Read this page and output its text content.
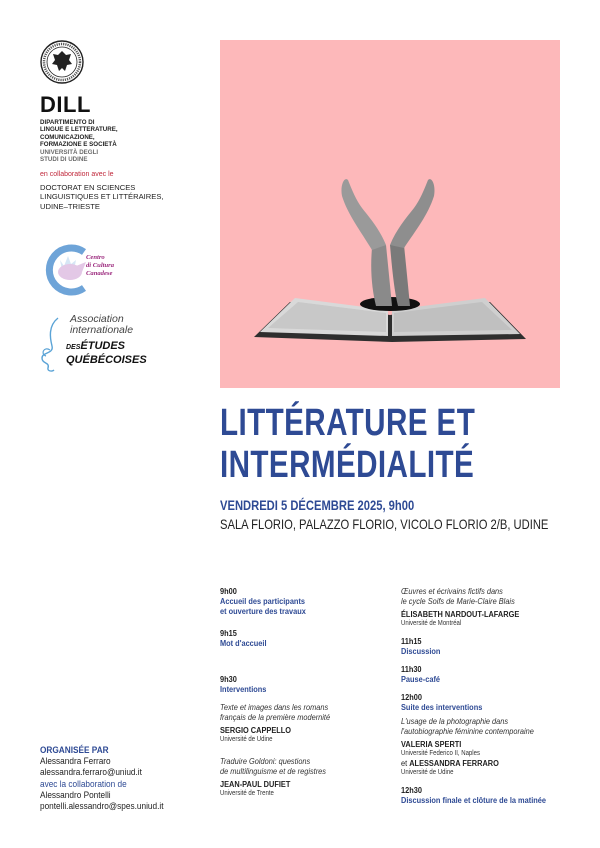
DILL
DIPARTIMENTO DI
LINGUE E LETTERATURE,
COMUNICAZIONE,
FORMAZIONE E SOCIETÀ
UNIVERSITÀ DEGLI
STUDI DI UDINE
en collaboration avec le
DOCTORAT EN SCIENCES
LINGUISTIQUES ET LITTÉRAIRES,
UDINE–TRIESTE
Centro
di Cultura
Canadese
Association
internationale
DESÉTUDES
QUÉBÉCOISES
LITTÉRATURE ET
INTERMÉDIALITÉ
VENDREDI 5 DÉCEMBRE 2025, 9h00
SALA FLORIO, PALAZZO FLORIO, VICOLO FLORIO 2/B, UDINE
9h00
Accueil des participants
et ouverture des travaux
9h15
Mot d'accueil
9h30
Interventions
Texte et images dans les romans
français de la première modernité
SERGIO CAPPELLO
Université de Udine
Traduire Goldoni: questions
de multilinguisme et de registres
JEAN-PAUL DUFIET
Université de Trente
Œuvres et écrivains fictifs dans
le cycle Soifs de Marie-Claire Blais
ÉLISABETH NARDOUT-LAFARGE
Université de Montréal
11h15
Discussion
11h30
Pause-café
12h00
Suite des interventions
L'usage de la photographie dans
l'autobiographie féminine contemporaine
VALERIA SPERTI
Université Federico II, Naples
et ALESSANDRA FERRARO
Université de Udine
12h30
Discussion finale et clôture de la matinée
ORGANISÉE PAR
Alessandra Ferraro
alessandra.ferraro@uniud.it
avec la collaboration de
Alessandro Pontelli
pontelli.alessandro@spes.uniud.it
